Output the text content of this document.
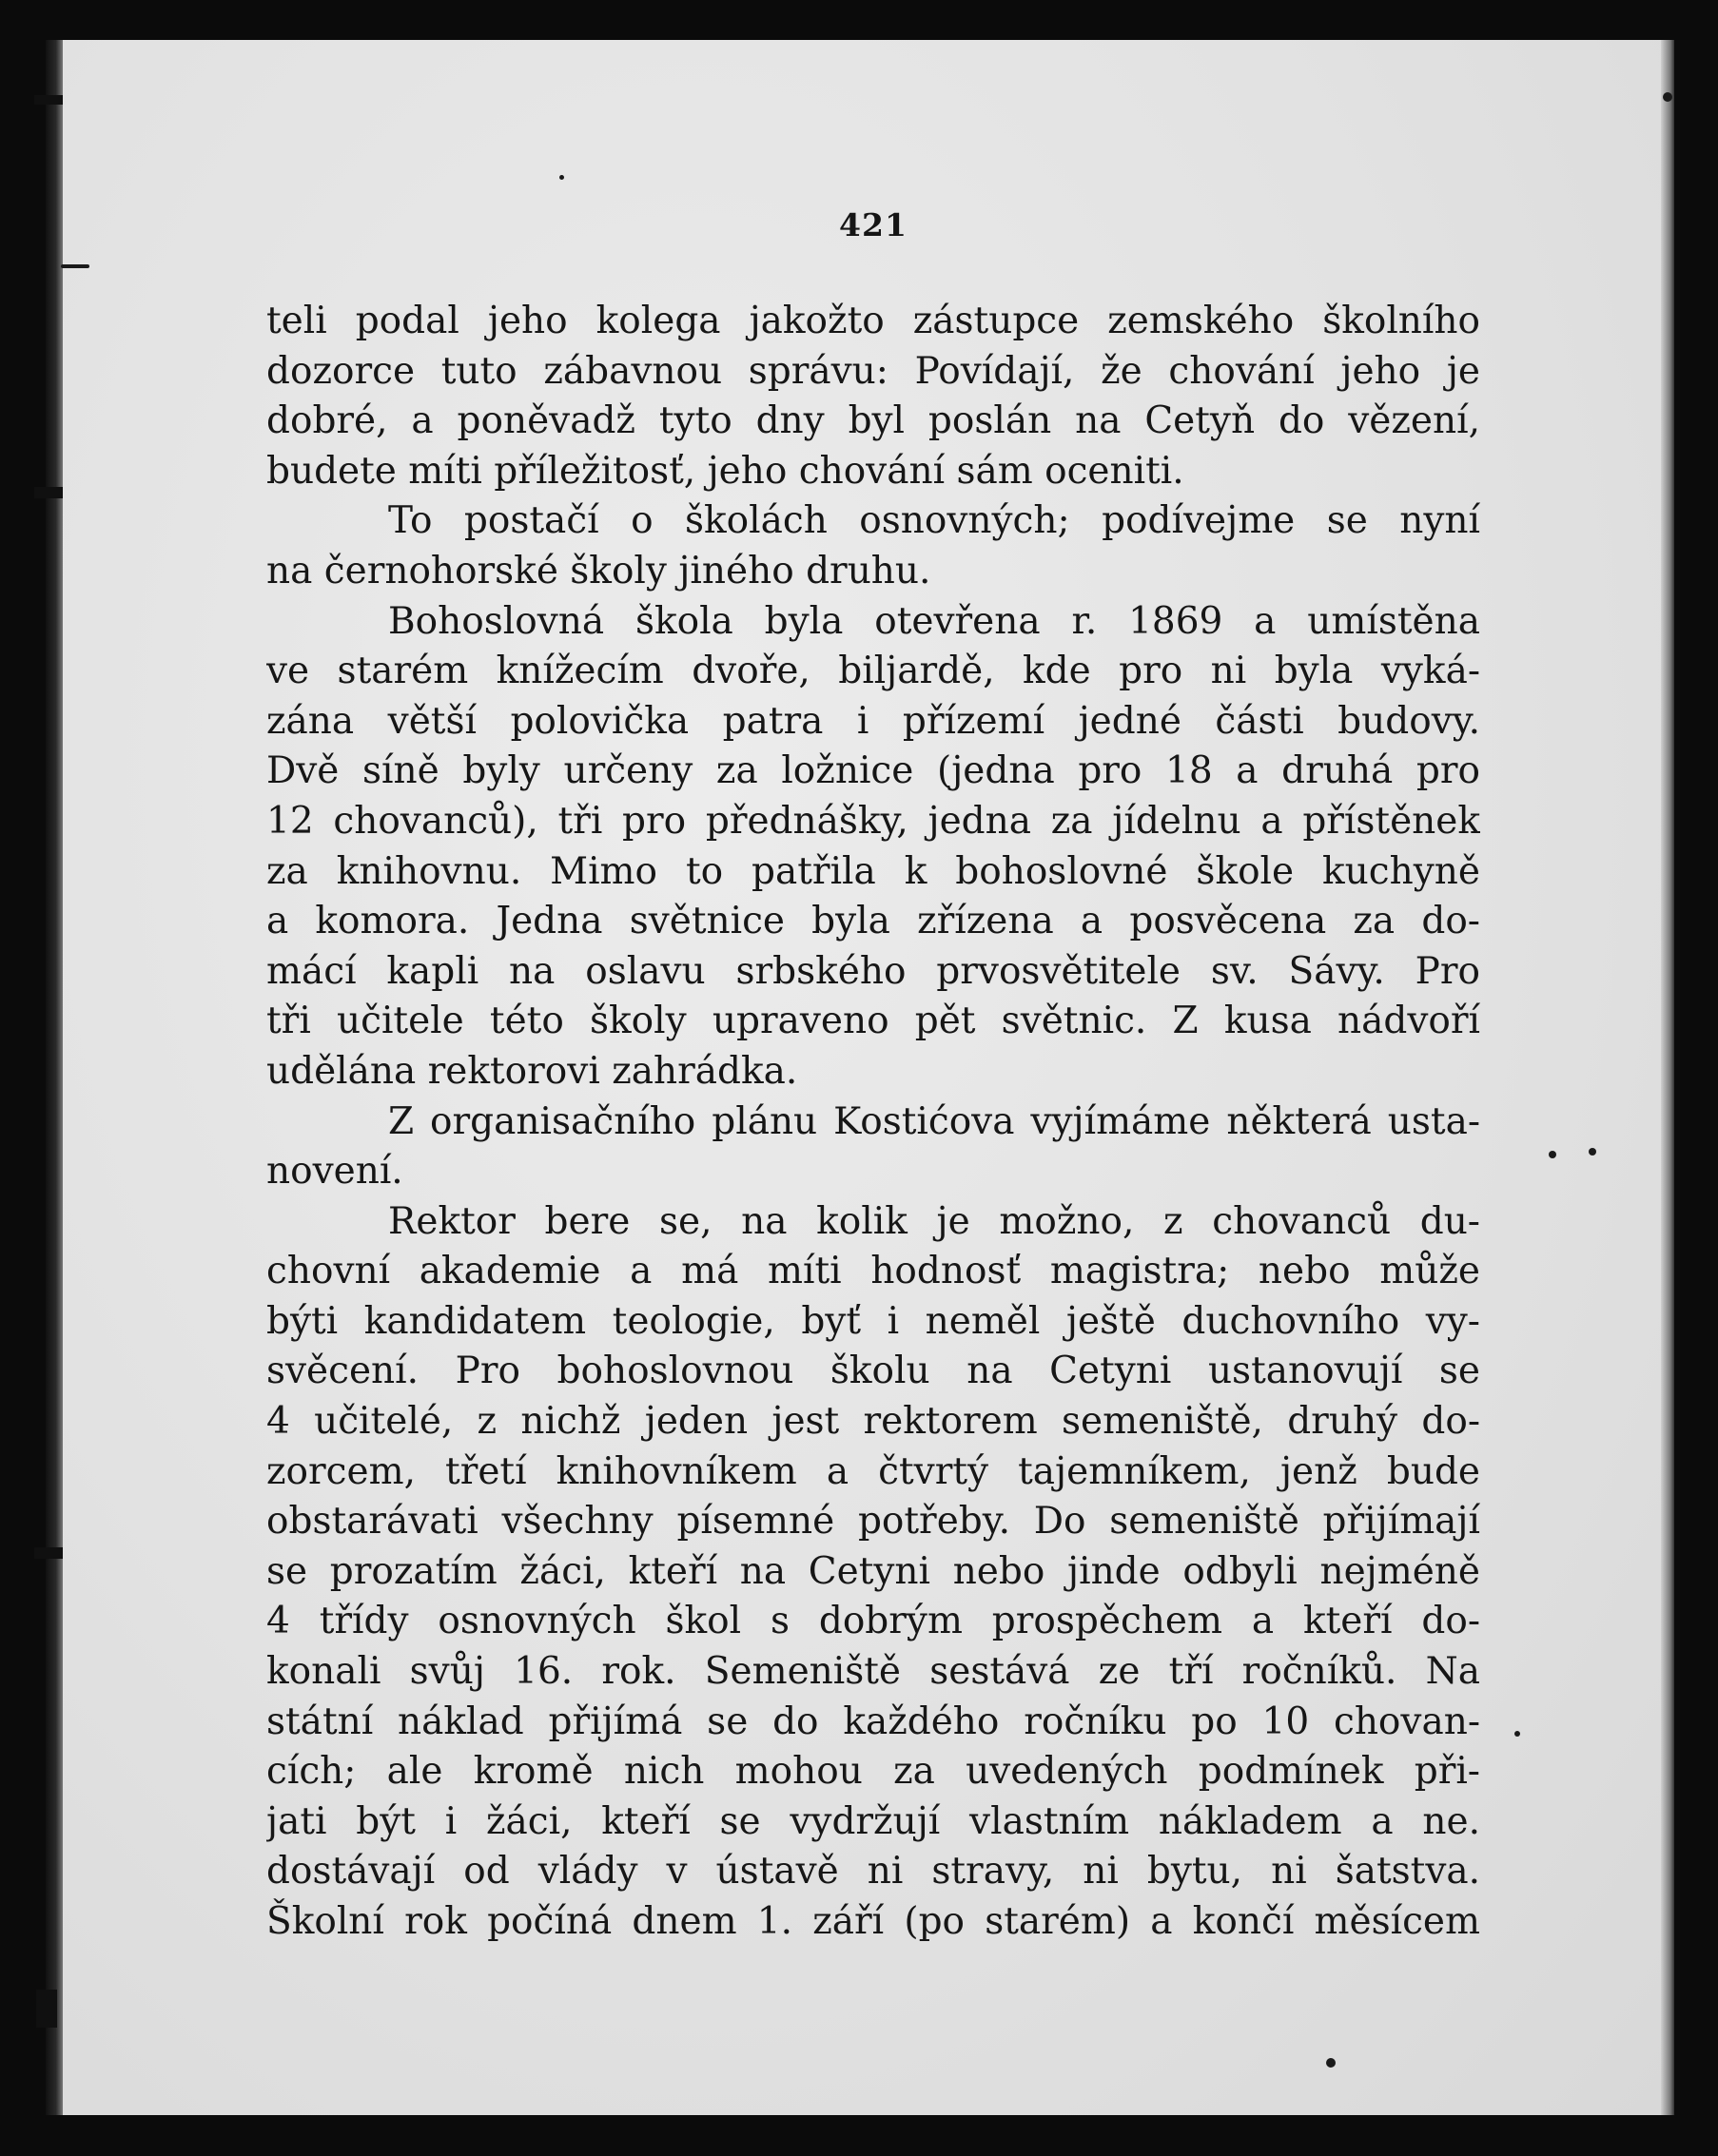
421
teli podal jeho kolega jakožto zástupce zemského školního
dozorce tuto zábavnou správu: Povídají, že chování jeho je
dobré, a poněvadž tyto dny byl poslán na Cetyň do vězení,
budete míti příležitosť, jeho chování sám oceniti.
To postačí o školách osnovných; podívejme se nyní
na černohorské školy jiného druhu.
Bohoslovná škola byla otevřena r. 1869 a umístěna
ve starém knížecím dvoře, biljardě, kde pro ni byla vyká-
zána větší polovička patra i přízemí jedné části budovy.
Dvě síně byly určeny za ložnice (jedna pro 18 a druhá pro
12 chovanců), tři pro přednášky, jedna za jídelnu a přístěnek
za knihovnu. Mimo to patřila k bohoslovné škole kuchyně
a komora. Jedna světnice byla zřízena a posvěcena za do-
mácí kapli na oslavu srbského prvosvětitele sv. Sávy. Pro
tři učitele této školy upraveno pět světnic. Z kusa nádvoří
udělána rektorovi zahrádka.
Z organisačního plánu Kostićova vyjímáme některá usta-
novení.
Rektor bere se, na kolik je možno, z chovanců du-
chovní akademie a má míti hodnosť magistra; nebo může
býti kandidatem teologie, byť i neměl ještě duchovního vy-
svěcení. Pro bohoslovnou školu na Cetyni ustanovují se
4 učitelé, z nichž jeden jest rektorem semeniště, druhý do-
zorcem, třetí knihovníkem a čtvrtý tajemníkem, jenž bude
obstarávati všechny písemné potřeby. Do semeniště přijímají
se prozatím žáci, kteří na Cetyni nebo jinde odbyli nejméně
4 třídy osnovných škol s dobrým prospěchem a kteří do-
konali svůj 16. rok. Semeniště sestává ze tří ročníků. Na
státní náklad přijímá se do každého ročníku po 10 chovan-
cích; ale kromě nich mohou za uvedených podmínek při-
jati být i žáci, kteří se vydržují vlastním nákladem a ne.
dostávají od vlády v ústavě ni stravy, ni bytu, ni šatstva.
Školní rok počíná dnem 1. září (po starém) a končí měsícem
